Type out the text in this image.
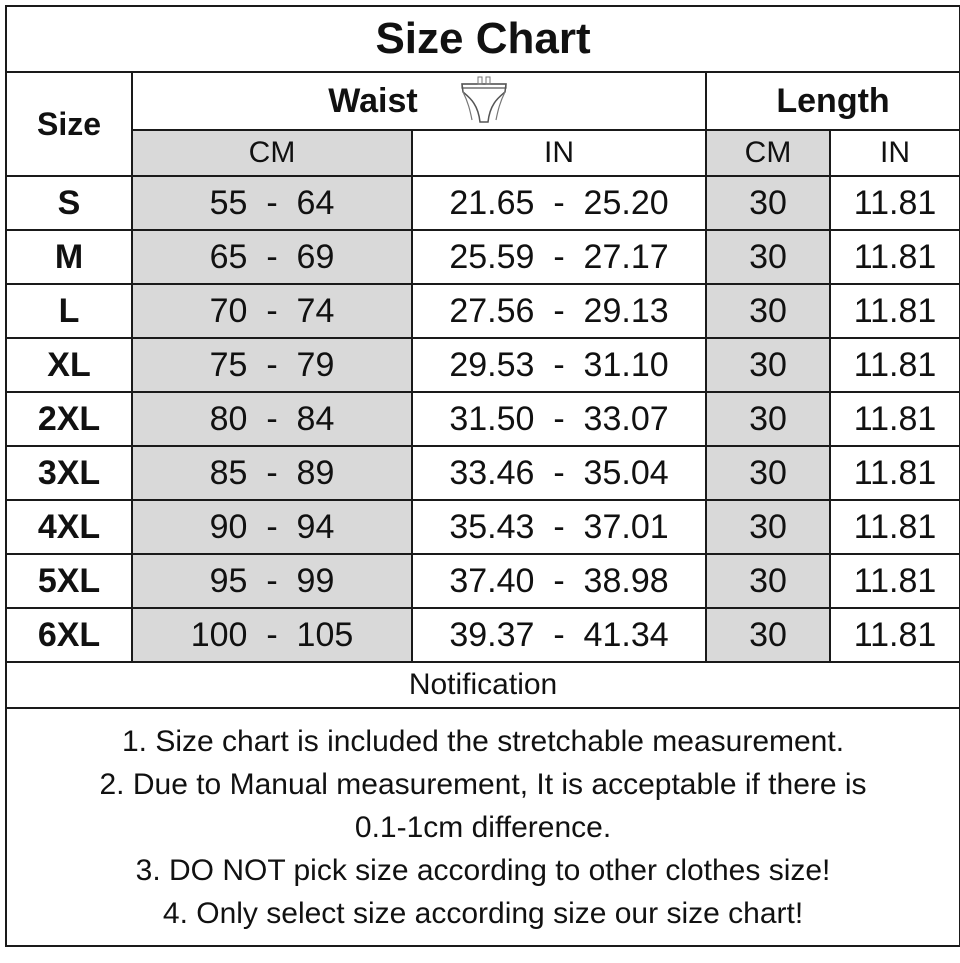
Size Chart				
Size	Waist		Length	
	CM	IN	CM	IN
S	55  -  64	21.65  -  25.20	30	11.81
M	65  -  69	25.59  -  27.17	30	11.81
L	70  -  74	27.56  -  29.13	30	11.81
XL	75  -  79	29.53  -  31.10	30	11.81
2XL	80  -  84	31.50  -  33.07	30	11.81
3XL	85  -  89	33.46  -  35.04	30	11.81
4XL	90  -  94	35.43  -  37.01	30	11.81
5XL	95  -  99	37.40  -  38.98	30	11.81
6XL	100  -  105	39.37  -  41.34	30	11.81
Notification				

1. Size chart is included the stretchable measurement.
2. Due to Manual measurement, It is acceptable if there is
0.1-1cm difference.
3. DO NOT pick size according to other clothes size!
4. Only select size according size our size chart!				
